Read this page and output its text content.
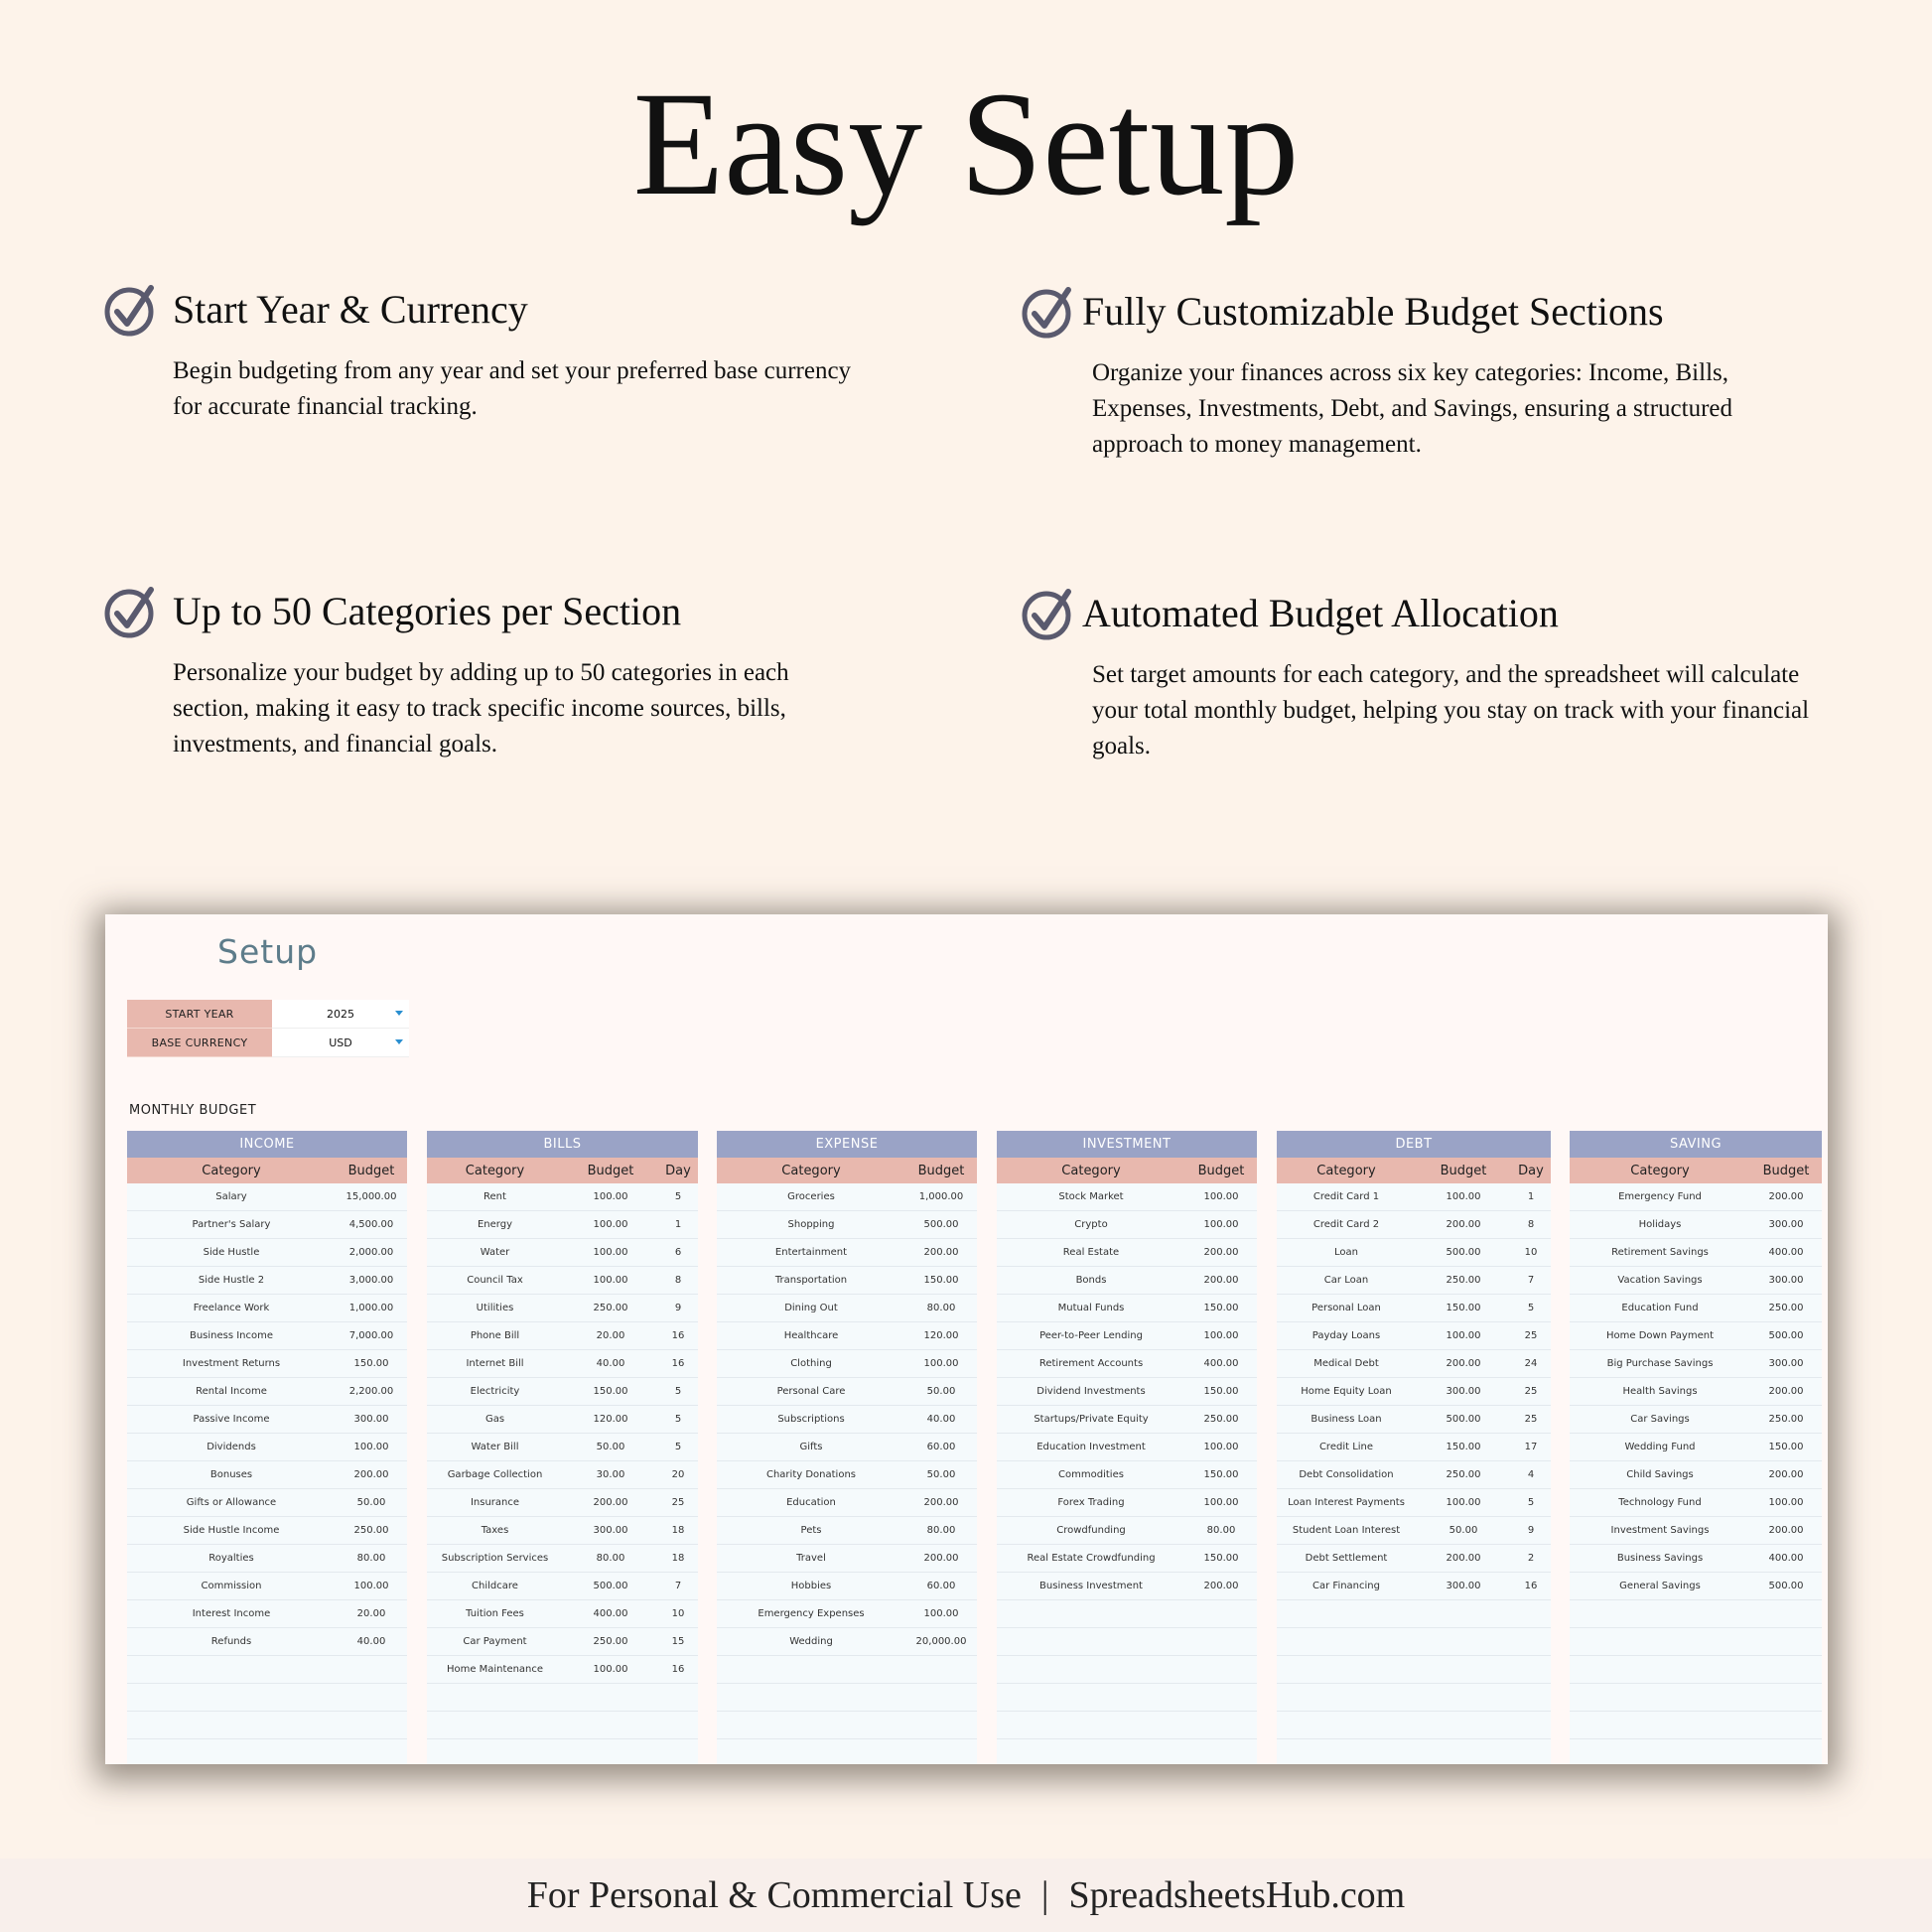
Easy Setup
Start Year & Currency

Begin budgeting from any year and set your preferred base currency for accurate financial tracking.

Fully Customizable Budget Sections

Organize your finances across six key categories: Income, Bills, Expenses, Investments, Debt, and Savings, ensuring a structured approach to money management.

Up to 50 Categories per Section

Personalize your budget by adding up to 50 categories in each section, making it easy to track specific income sources, bills, investments, and financial goals.

Automated Budget Allocation

Set target amounts for each category, and the spreadsheet will calculate your total monthly budget, helping you stay on track with your financial goals.

Setup
START YEAR	2025
BASE CURRENCY	USD
MONTHLY BUDGET
INCOME
Category	Budget
Salary	15,000.00
Partner's Salary	4,500.00
Side Hustle	2,000.00
Side Hustle 2	3,000.00
Freelance Work	1,000.00
Business Income	7,000.00
Investment Returns	150.00
Rental Income	2,200.00
Passive Income	300.00
Dividends	100.00
Bonuses	200.00
Gifts or Allowance	50.00
Side Hustle Income	250.00
Royalties	80.00
Commission	100.00
Interest Income	20.00
Refunds	40.00
BILLS
Category	Budget	Day
Rent	100.00	5
Energy	100.00	1
Water	100.00	6
Council Tax	100.00	8
Utilities	250.00	9
Phone Bill	20.00	16
Internet Bill	40.00	16
Electricity	150.00	5
Gas	120.00	5
Water Bill	50.00	5
Garbage Collection	30.00	20
Insurance	200.00	25
Taxes	300.00	18
Subscription Services	80.00	18
Childcare	500.00	7
Tuition Fees	400.00	10
Car Payment	250.00	15
Home Maintenance	100.00	16
EXPENSE
Category	Budget
Groceries	1,000.00
Shopping	500.00
Entertainment	200.00
Transportation	150.00
Dining Out	80.00
Healthcare	120.00
Clothing	100.00
Personal Care	50.00
Subscriptions	40.00
Gifts	60.00
Charity Donations	50.00
Education	200.00
Pets	80.00
Travel	200.00
Hobbies	60.00
Emergency Expenses	100.00
Wedding	20,000.00
INVESTMENT
Category	Budget
Stock Market	100.00
Crypto	100.00
Real Estate	200.00
Bonds	200.00
Mutual Funds	150.00
Peer-to-Peer Lending	100.00
Retirement Accounts	400.00
Dividend Investments	150.00
Startups/Private Equity	250.00
Education Investment	100.00
Commodities	150.00
Forex Trading	100.00
Crowdfunding	80.00
Real Estate Crowdfunding	150.00
Business Investment	200.00
DEBT
Category	Budget	Day
Credit Card 1	100.00	1
Credit Card 2	200.00	8
Loan	500.00	10
Car Loan	250.00	7
Personal Loan	150.00	5
Payday Loans	100.00	25
Medical Debt	200.00	24
Home Equity Loan	300.00	25
Business Loan	500.00	25
Credit Line	150.00	17
Debt Consolidation	250.00	4
Loan Interest Payments	100.00	5
Student Loan Interest	50.00	9
Debt Settlement	200.00	2
Car Financing	300.00	16
SAVING
Category	Budget
Emergency Fund	200.00
Holidays	300.00
Retirement Savings	400.00
Vacation Savings	300.00
Education Fund	250.00
Home Down Payment	500.00
Big Purchase Savings	300.00
Health Savings	200.00
Car Savings	250.00
Wedding Fund	150.00
Child Savings	200.00
Technology Fund	100.00
Investment Savings	200.00
Business Savings	400.00
General Savings	500.00
For Personal & Commercial Use | SpreadsheetsHub.com
